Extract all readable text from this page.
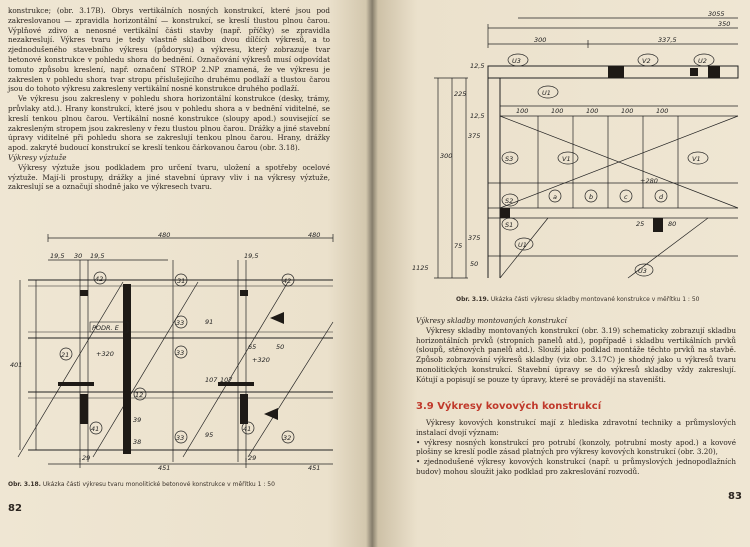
konstrukce; (obr. 3.17B). Obrys vertikálních nosných konstrukcí, které jsou pod zakreslovanou — zpravidla horizontální — konstrukcí, se kreslí tlustou plnou čarou. Výplňové zdivo a nenosné vertikální části stavby (např. příčky) se zpravidla nezakreslují. Výkres tvaru je tedy vlastně skladbou dvou dílčích výkresů, a to zjednodušeného stavebního výkresu (půdorysu) a výkresu, který zobrazuje tvar betonové konstrukce v pohledu shora do bednění. Označování výkresů musí odpovídat tomuto způsobu kreslení, např. označení STROP 2.NP znamená, že ve výkresu je zakreslen v pohledu shora tvar stropu příslušejícího druhému podlaží a tlustou čarou jsou do tohoto výkresu zakresleny vertikální nosné konstrukce druhého podlaží.

Ve výkresu jsou zakresleny v pohledu shora horizontální konstrukce (desky, trámy, průvlaky atd.). Hrany konstrukcí, které jsou v pohledu shora a v bednění viditelné, se kreslí tenkou plnou čarou. Vertikální nosné konstrukce (sloupy apod.) související se zakresleným stropem jsou zakresleny v řezu tlustou plnou čarou. Drážky a jiné stavební úpravy viditelné při pohledu shora se zakreslují tenkou plnou čarou. Hrany, drážky apod. zakryté budoucí konstrukcí se kreslí tenkou čárkovanou čarou (obr. 3.18).

Výkresy výztuže

Výkresy výztuže jsou podkladem pro určení tvaru, uložení a spotřeby ocelové výztuže. Mají-li prostupy, drážky a jiné stavební úpravy vliv i na výkresy výztuže, zakreslují se a označují shodně jako ve výkresech tvaru.

480	480
19,5 30 19,5	19,5
PODR. E
42	31	42
21
33
33
33	32
12
41	41
+320
+320
65	50
401
451	451
29	29
39
38
95
107 107
91
Obr. 3.18. Ukázka části výkresu tvaru monolitické betonové konstrukce v měřítku 1 : 50
82
3055
350
300	337,5
12,5
12,5
100	100	100	100	100
225
375
375
300
1125
75
50
25	80
+280
U3	V2	U2
U1
V1	V1
S3
S2
S1
U1
U3
a	b	c	d
Obr. 3.19. Ukázka části výkresu skladby montované konstrukce v měřítku 1 : 50

Výkresy skladby montovaných konstrukcí

Výkresy skladby montovaných konstrukcí (obr. 3.19) schematicky zobrazují skladbu horizontálních prvků (stropních panelů atd.), popřípadě i skladbu vertikálních prvků (sloupů, stěnových panelů atd.). Slouží jako podklad montáže těchto prvků na stavbě. Způsob zobrazování výkresů skladby (viz obr. 3.17C) je shodný jako u výkresů tvaru monolitických konstrukcí. Stavební úpravy se do výkresů skladby vždy zakreslují. Kótují a popisují se pouze ty úpravy, které se provádějí na staveništi.

3.9 Výkresy kovových konstrukcí

Výkresy kovových konstrukcí mají z hlediska zdravotní techniky a průmyslových instalací dvojí význam:

• výkresy nosných konstrukcí pro potrubí (konzoly, potrubní mosty apod.) a kovové plošiny se kreslí podle zásad platných pro výkresy kovových konstrukcí (obr. 3.20),

• zjednodušené výkresy kovových konstrukcí (např. u průmyslových jednopodlažních budov) mohou sloužit jako podklad pro zakreslování rozvodů.

83
